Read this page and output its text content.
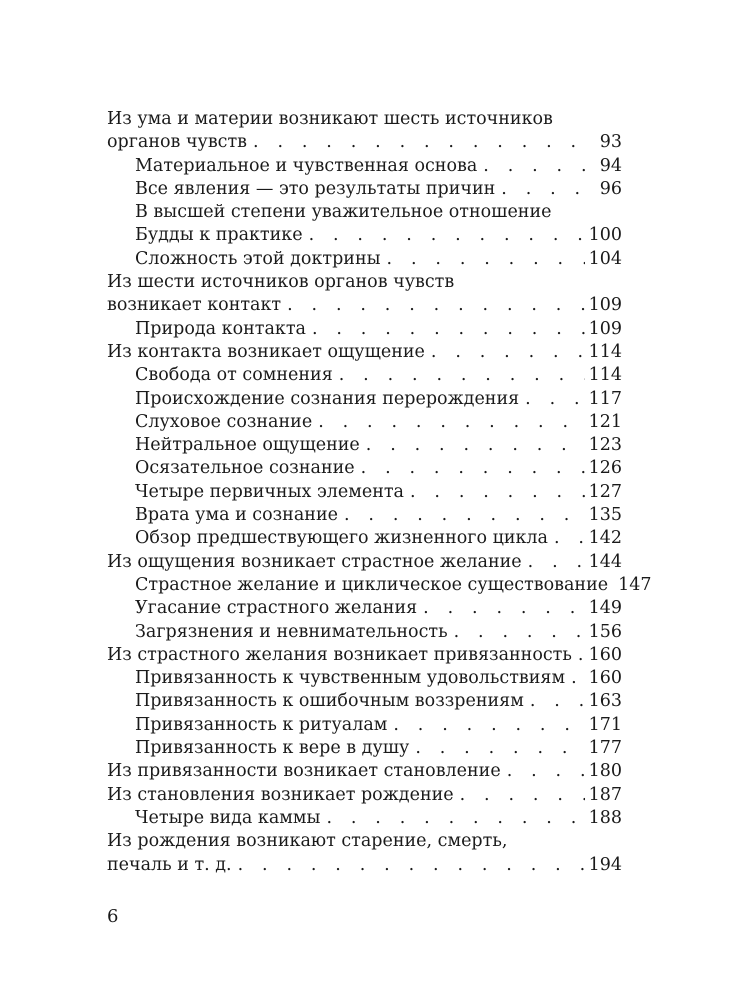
Из ума и материи возникают шесть источников
органов чувств . . .	93
Материальное и чувственная основа . . .	94
Все явления — это результаты причин . . .	96
В высшей степени уважительное отношение
Будды к практике . . .	100
Сложность этой доктрины . . .	104
Из шести источников органов чувств
возникает контакт . . .	109
Природа контакта . . .	109
Из контакта возникает ощущение . . .	114
Свобода от сомнения . . .	114
Происхождение сознания перерождения . . .	117
Слуховое сознание . . .	121
Нейтральное ощущение . . .	123
Осязательное сознание . . .	126
Четыре первичных элемента . . .	127
Врата ума и сознание . . .	135
Обзор предшествующего жизненного цикла . . . 142
Из ощущения возникает страстное желание . . .	144
Страстное желание и циклическое существование 147
Угасание страстного желания . . .	149
Загрязнения и невнимательность . . .	156
Из страстного желания возникает привязанность . . . 160
Привязанность к чувственным удовольствиям . . . 160
Привязанность к ошибочным воззрениям . . .	163
Привязанность к ритуалам . . .	171
Привязанность к вере в душу . . .	177
Из привязанности возникает становление . . .	180
Из становления возникает рождение . . .	187
Четыре вида каммы . . .	188
Из рождения возникают старение, смерть,
печаль и т. д. . . .	194
6
